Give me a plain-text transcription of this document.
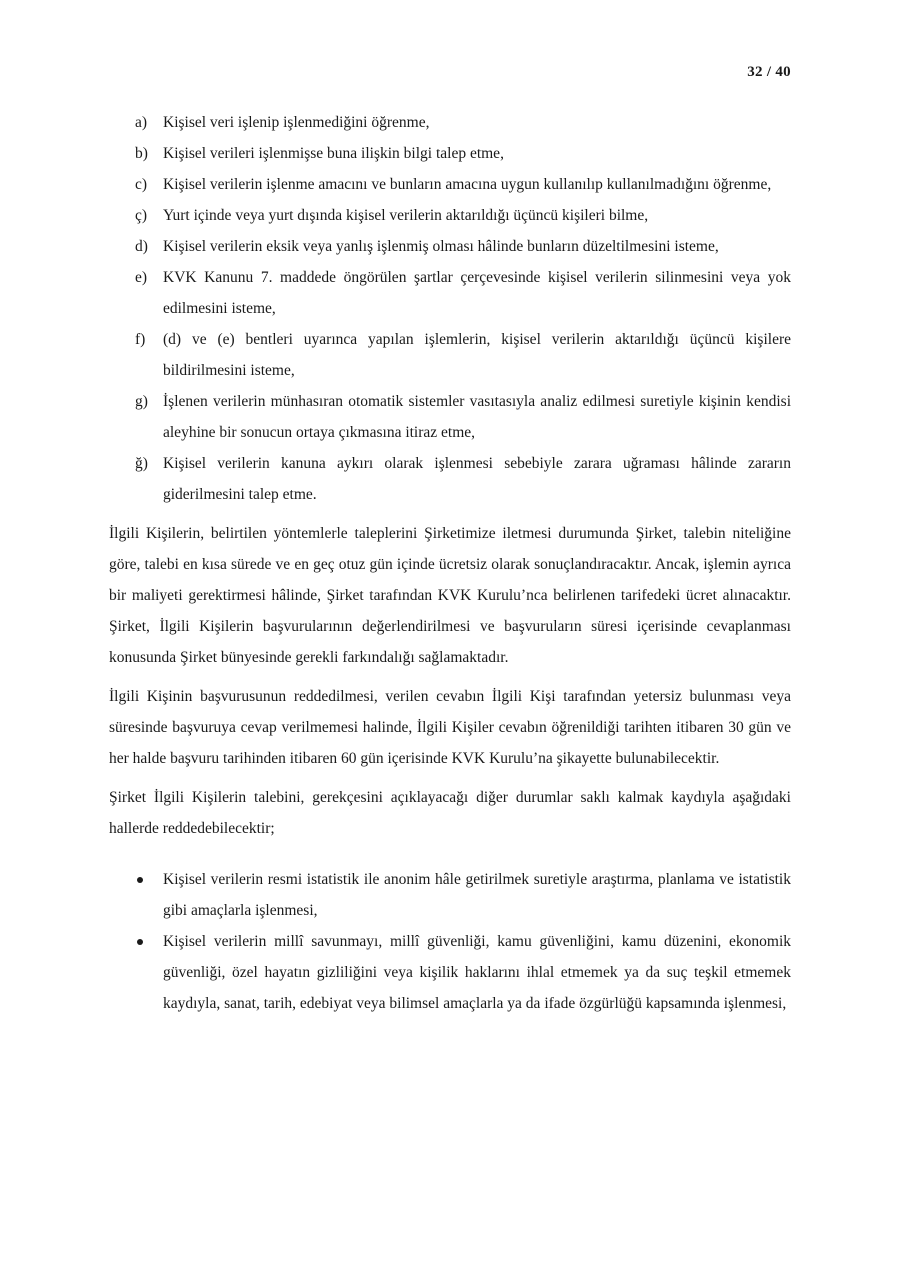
32 / 40
a) Kişisel veri işlenip işlenmediğini öğrenme,
b) Kişisel verileri işlenmişse buna ilişkin bilgi talep etme,
c) Kişisel verilerin işlenme amacını ve bunların amacına uygun kullanılıp kullanılmadığını öğrenme,
ç) Yurt içinde veya yurt dışında kişisel verilerin aktarıldığı üçüncü kişileri bilme,
d) Kişisel verilerin eksik veya yanlış işlenmiş olması hâlinde bunların düzeltilmesini isteme,
e) KVK Kanunu 7. maddede öngörülen şartlar çerçevesinde kişisel verilerin silinmesini veya yok edilmesini isteme,
f) (d) ve (e) bentleri uyarınca yapılan işlemlerin, kişisel verilerin aktarıldığı üçüncü kişilere bildirilmesini isteme,
g) İşlenen verilerin münhasıran otomatik sistemler vasıtasıyla analiz edilmesi suretiyle kişinin kendisi aleyhine bir sonucun ortaya çıkmasına itiraz etme,
ğ) Kişisel verilerin kanuna aykırı olarak işlenmesi sebebiyle zarara uğraması hâlinde zararın giderilmesini talep etme.

İlgili Kişilerin, belirtilen yöntemlerle taleplerini Şirketimize iletmesi durumunda Şirket, talebin niteliğine göre, talebi en kısa sürede ve en geç otuz gün içinde ücretsiz olarak sonuçlandıracaktır. Ancak, işlemin ayrıca bir maliyeti gerektirmesi hâlinde, Şirket tarafından KVK Kurulu’nca belirlenen tarifedeki ücret alınacaktır. Şirket, İlgili Kişilerin başvurularının değerlendirilmesi ve başvuruların süresi içerisinde cevaplanması konusunda Şirket bünyesinde gerekli farkındalığı sağlamaktadır.

İlgili Kişinin başvurusunun reddedilmesi, verilen cevabın İlgili Kişi tarafından yetersiz bulunması veya süresinde başvuruya cevap verilmemesi halinde, İlgili Kişiler cevabın öğrenildiği tarihten itibaren 30 gün ve her halde başvuru tarihinden itibaren 60 gün içerisinde KVK Kurulu’na şikayette bulunabilecektir.

Şirket İlgili Kişilerin talebini, gerekçesini açıklayacağı diğer durumlar saklı kalmak kaydıyla aşağıdaki hallerde reddedebilecektir;

Kişisel verilerin resmi istatistik ile anonim hâle getirilmek suretiyle araştırma, planlama ve istatistik gibi amaçlarla işlenmesi,
Kişisel verilerin millî savunmayı, millî güvenliği, kamu güvenliğini, kamu düzenini, ekonomik güvenliği, özel hayatın gizliliğini veya kişilik haklarını ihlal etmemek ya da suç teşkil etmemek kaydıyla, sanat, tarih, edebiyat veya bilimsel amaçlarla ya da ifade özgürlüğü kapsamında işlenmesi,
